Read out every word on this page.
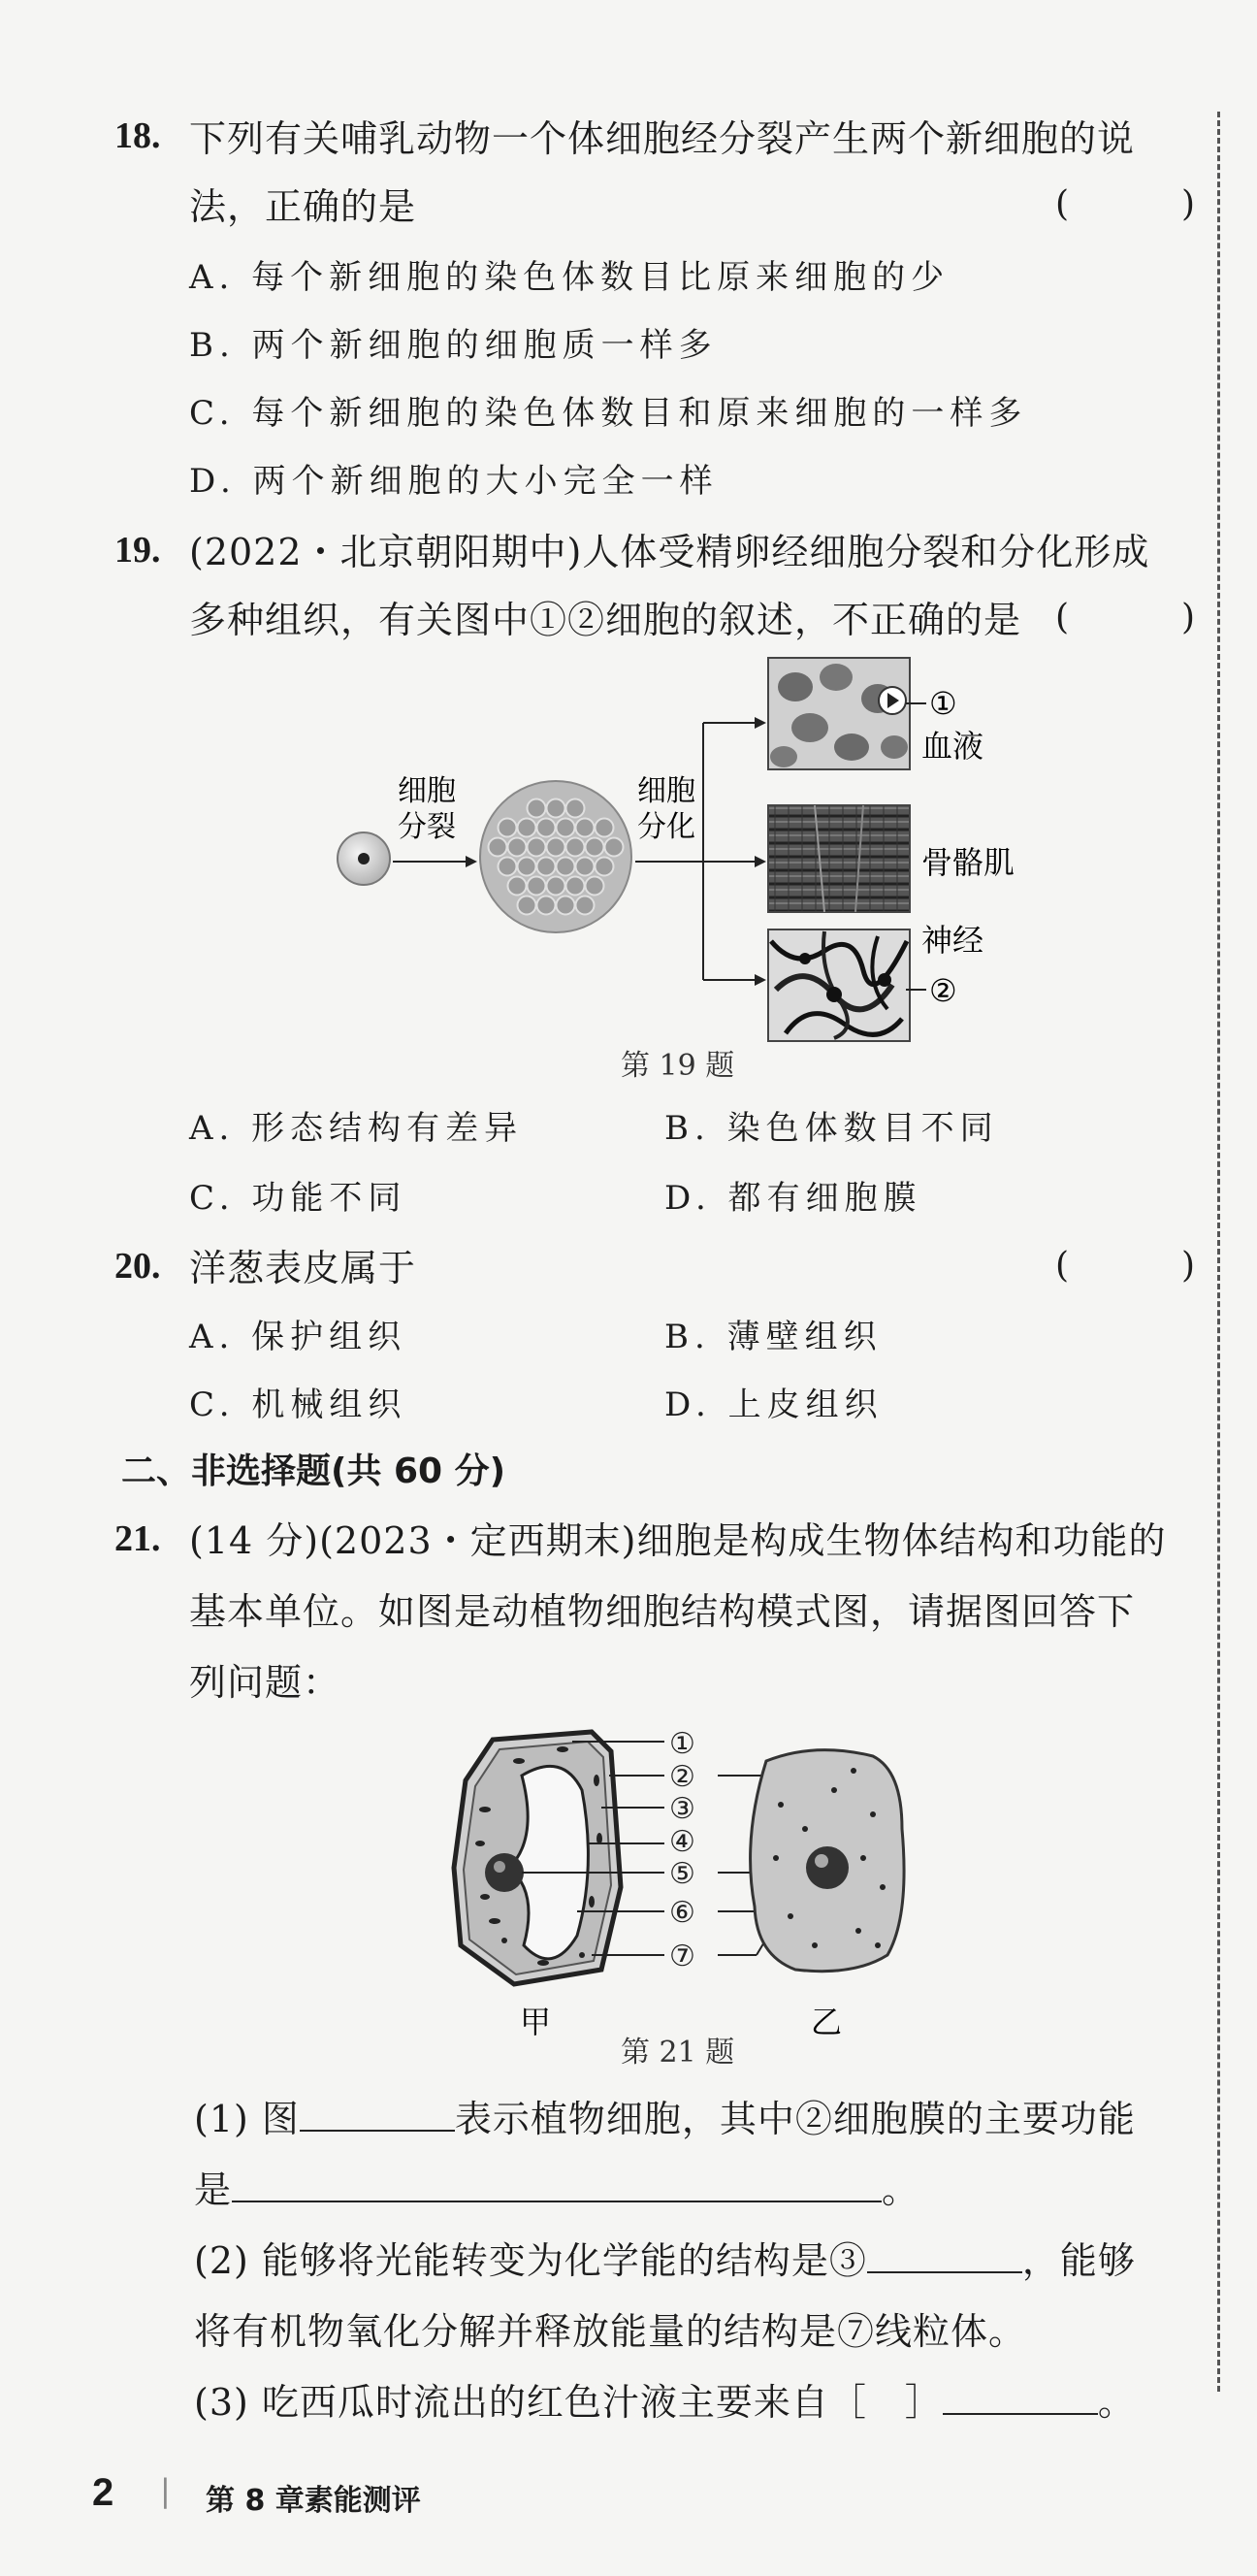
18. 下列有关哺乳动物一个体细胞经分裂产生两个新细胞的说
法，正确的是	(　)
A. 每个新细胞的染色体数目比原来细胞的少
B. 两个新细胞的细胞质一样多
C. 每个新细胞的染色体数目和原来细胞的一样多
D. 两个新细胞的大小完全一样
19. (2022・北京朝阳期中)人体受精卵经细胞分裂和分化形成
多种组织，有关图中①②细胞的叙述，不正确的是 (　)
细胞
分裂
细胞
分化
①
血液
骨骼肌
神经
②
第 19 题
A. 形态结构有差异	B. 染色体数目不同
C. 功能不同	D. 都有细胞膜
20. 洋葱表皮属于	(　)
A. 保护组织	B. 薄壁组织
C. 机械组织	D. 上皮组织
二、非选择题(共 60 分)
21. (14 分)(2023・定西期末)细胞是构成生物体结构和功能的
基本单位。如图是动植物细胞结构模式图，请据图回答下
列问题：
①
②
③
④
⑤
⑥
⑦
甲	乙
第 21 题
(1) 图	表示植物细胞，其中②细胞膜的主要功能
是	。
(2) 能够将光能转变为化学能的结构是③	，能够
将有机物氧化分解并释放能量的结构是⑦线粒体。
(3) 吃西瓜时流出的红色汁液主要来自［　］	。
2 | 第 8 章素能测评
